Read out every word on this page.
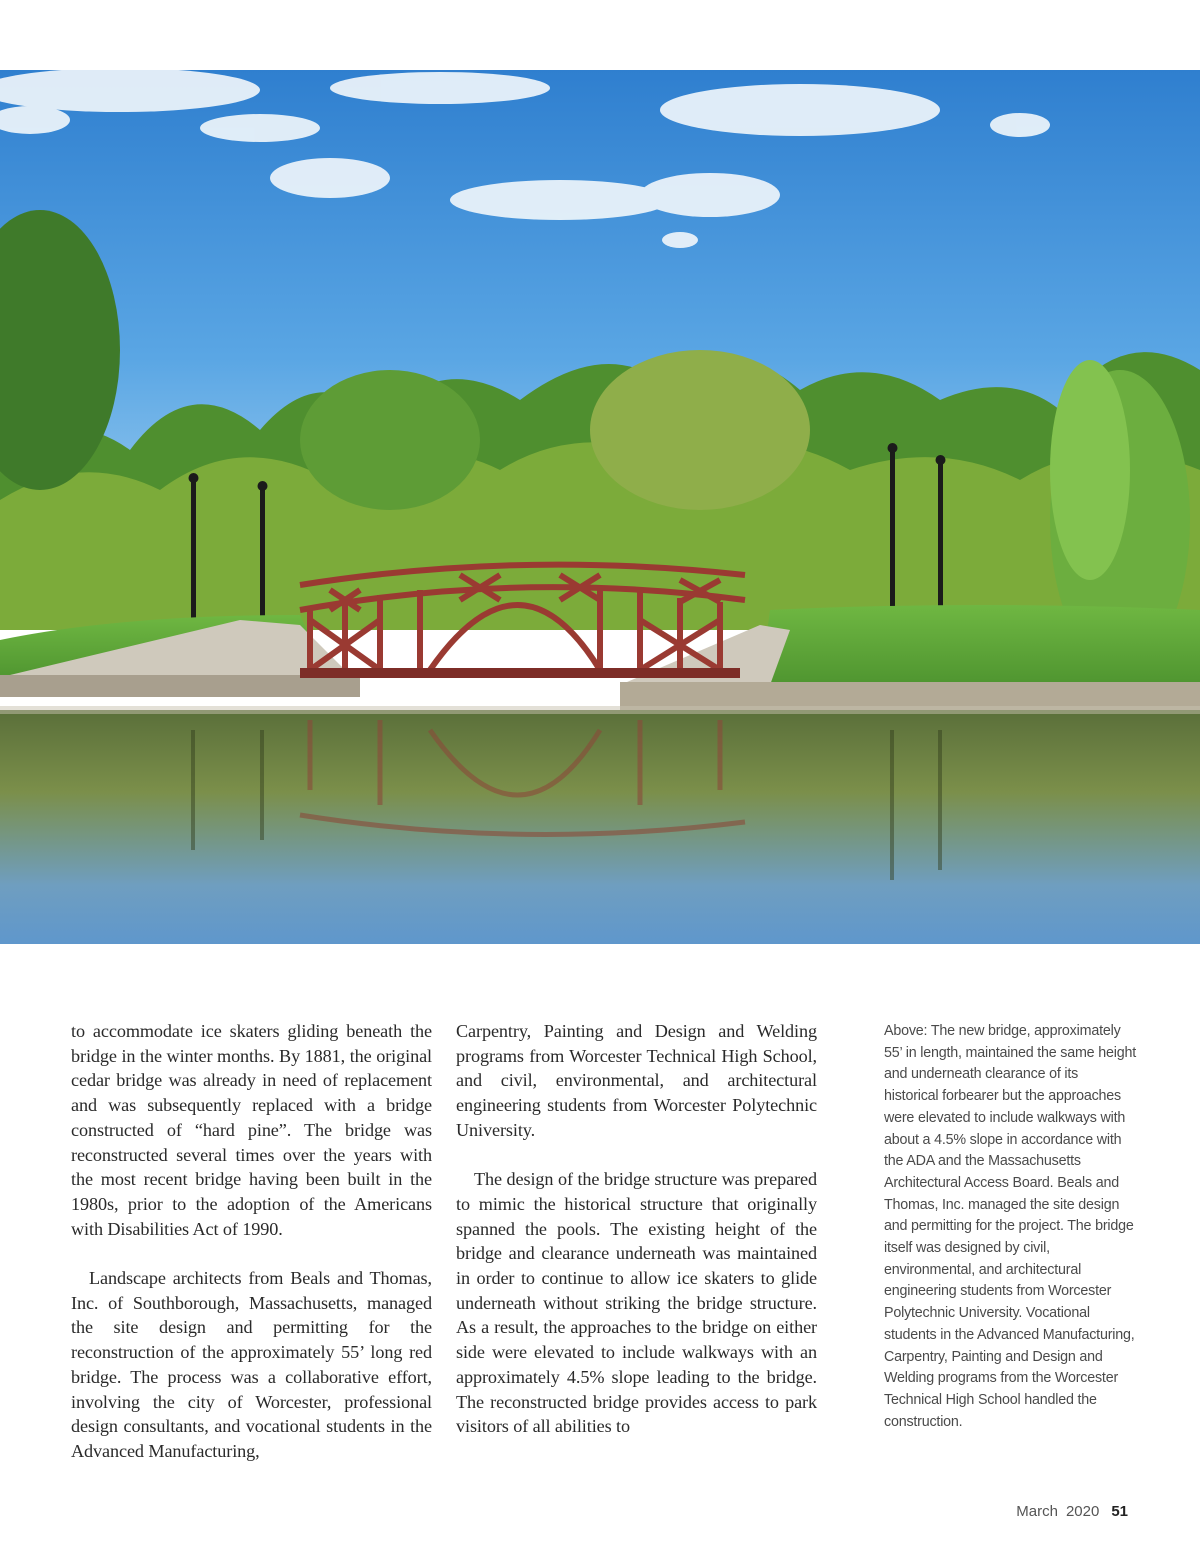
to accommodate ice skaters gliding beneath the bridge in the winter months. By 1881, the original cedar bridge was already in need of replacement and was subsequently replaced with a bridge constructed of “hard pine”. The bridge was reconstructed several times over the years with the most recent bridge having been built in the 1980s, prior to the adoption of the Americans with Disabilities Act of 1990.

Landscape architects from Beals and Thomas, Inc. of Southborough, Massachusetts, managed the site design and permitting for the reconstruction of the approximately 55’ long red bridge. The process was a collaborative effort, involving the city of Worcester, professional design consultants, and vocational students in the Advanced Manufacturing,

Carpentry, Painting and Design and Welding programs from Worcester Technical High School, and civil, environmental, and architectural engineering students from Worcester Polytechnic University.

The design of the bridge structure was prepared to mimic the historical structure that originally spanned the pools. The existing height of the bridge and clearance underneath was maintained in order to continue to allow ice skaters to glide underneath without striking the bridge structure. As a result, the approaches to the bridge on either side were elevated to include walkways with an approximately 4.5% slope leading to the bridge. The reconstructed bridge provides access to park visitors of all abilities to

Above: The new bridge, approximately 55’ in length, maintained the same height and underneath clearance of its historical forbearer but the approaches were elevated to include walkways with about a 4.5% slope in accordance with the ADA and the Massachusetts Architectural Access Board. Beals and Thomas, Inc. managed the site design and permitting for the project. The bridge itself was designed by civil, environmental, and architectural engineering students from Worcester Polytechnic University. Vocational students in the Advanced Manufacturing, Carpentry, Painting and Design and Welding programs from the Worcester Technical High School handled the construction.
March 2020 51
